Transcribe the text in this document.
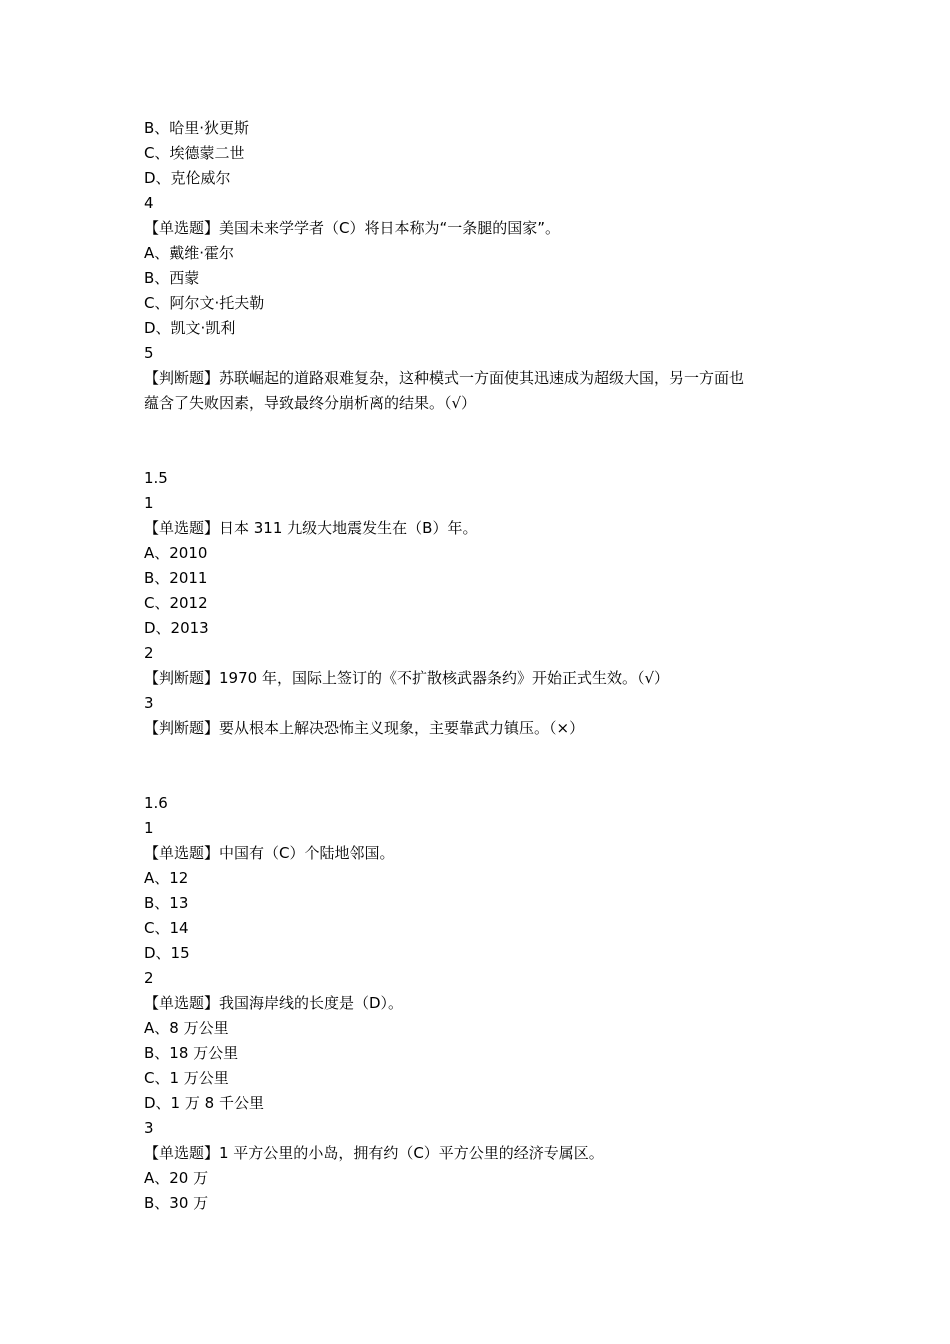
B、哈里·狄更斯
C、埃德蒙二世
D、克伦威尔
4
【单选题】美国未来学学者（C）将日本称为“一条腿的国家”。
A、戴维·霍尔
B、西蒙
C、阿尔文·托夫勒
D、凯文·凯利
5
【判断题】苏联崛起的道路艰难复杂，这种模式一方面使其迅速成为超级大国，另一方面也
蕴含了失败因素，导致最终分崩析离的结果。（√）
1.5
1
【单选题】日本 311 九级大地震发生在（B）年。
A、2010
B、2011
C、2012
D、2013
2
【判断题】1970 年，国际上签订的《不扩散核武器条约》开始正式生效。（√）
3
【判断题】要从根本上解决恐怖主义现象，主要靠武力镇压。（×）
1.6
1
【单选题】中国有（C）个陆地邻国。
A、12
B、13
C、14
D、15
2
【单选题】我国海岸线的长度是（D）。
A、8 万公里
B、18 万公里
C、1 万公里
D、1 万 8 千公里
3
【单选题】1 平方公里的小岛，拥有约（C）平方公里的经济专属区。
A、20 万
B、30 万
